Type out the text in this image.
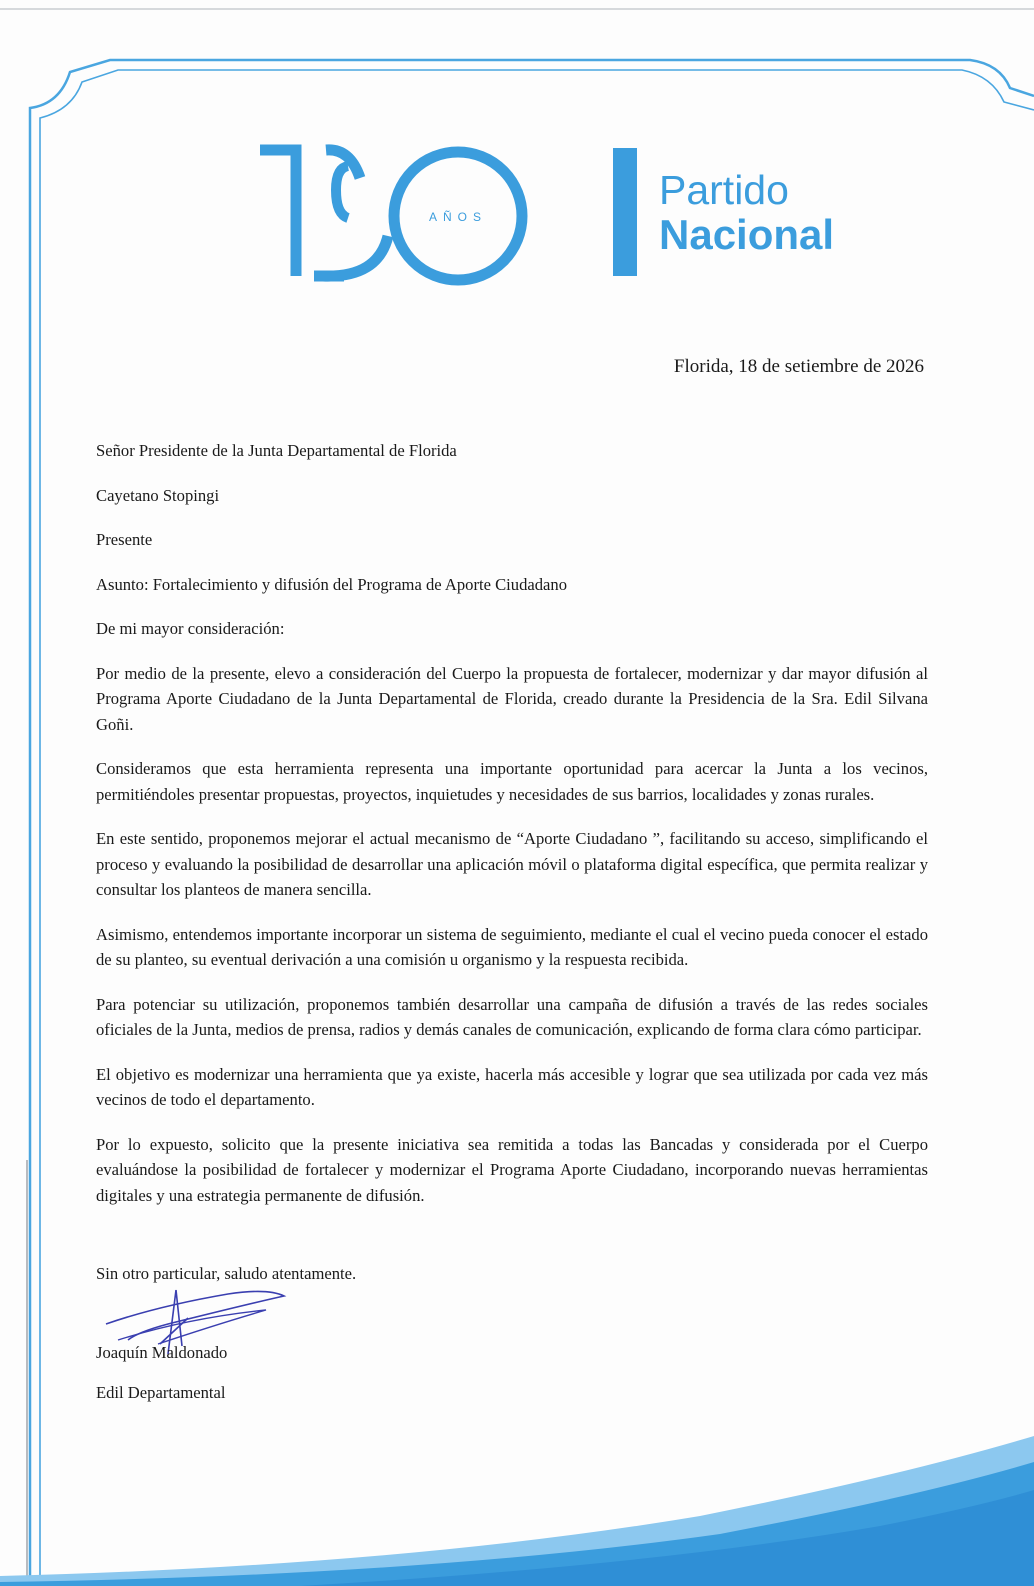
AÑOS
Partido
Nacional

Florida, 18 de setiembre de 2026

Señor Presidente de la Junta Departamental de Florida

Cayetano Stopingi

Presente

Asunto: Fortalecimiento y difusión del Programa de Aporte Ciudadano

De mi mayor consideración:

Por medio de la presente, elevo a consideración del Cuerpo la propuesta de fortalecer, modernizar y dar mayor difusión al Programa Aporte Ciudadano de la Junta Departamental de Florida, creado durante la Presidencia de la Sra. Edil Silvana Goñi.

Consideramos que esta herramienta representa una importante oportunidad para acercar la Junta a los vecinos, permitiéndoles presentar propuestas, proyectos, inquietudes y necesidades de sus barrios, localidades y zonas rurales.

En este sentido, proponemos mejorar el actual mecanismo de “Aporte Ciudadano ”, facilitando su acceso, simplificando el proceso y evaluando la posibilidad de desarrollar una aplicación móvil o plataforma digital específica, que permita realizar y consultar los planteos de manera sencilla.

Asimismo, entendemos importante incorporar un sistema de seguimiento, mediante el cual el vecino pueda conocer el estado de su planteo, su eventual derivación a una comisión u organismo y la respuesta recibida.

Para potenciar su utilización, proponemos también desarrollar una campaña de difusión a través de las redes sociales oficiales de la Junta, medios de prensa, radios y demás canales de comunicación, explicando de forma clara cómo participar.

El objetivo es modernizar una herramienta que ya existe, hacerla más accesible y lograr que sea utilizada por cada vez más vecinos de todo el departamento.

Por lo expuesto, solicito que la presente iniciativa sea remitida a todas las Bancadas y considerada por el Cuerpo evaluándose la posibilidad de fortalecer y modernizar el Programa Aporte Ciudadano, incorporando nuevas herramientas digitales y una estrategia permanente de difusión.

Sin otro particular, saludo atentamente.

Joaquín Maldonado

Edil Departamental
